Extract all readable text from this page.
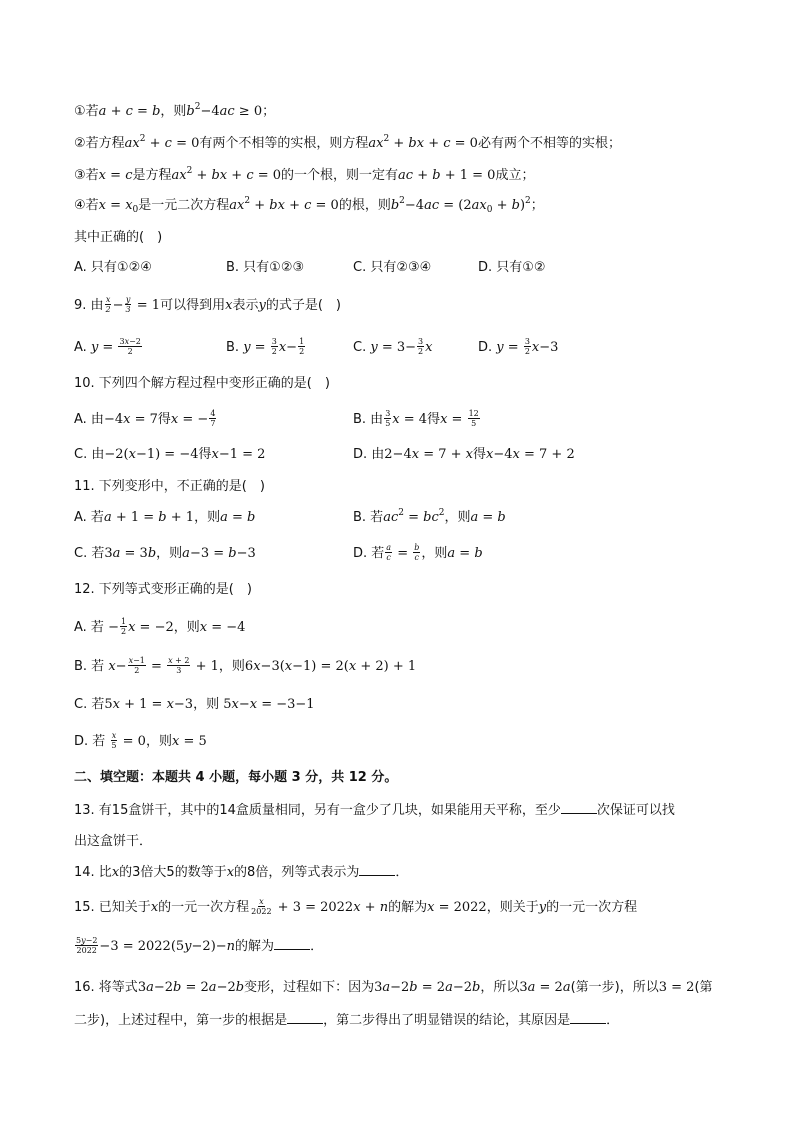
①若a + c = b，则$b^2-4ac \ge 0$；
②若方程$ax^2 + c = 0$有两个不相等的实根，则方程$ax^2$ + bx + c = 0必有两个不相等的实根；
③若x = c是方程$ax^2$ + bx + c = 0的一个根，则一定有ac + b + 1 = 0成立；
④若$x = x_0$是一元二次方程$ax^2$ + bx + c = 0的根，则$b^2-4ac = (2ax_0 + b)^2$；
其中正确的(　)
A. 只有①②④	B. 只有①②③	C. 只有②③④	D. 只有①②
9. 由 $\frac{x}{2} - \frac{y}{3} = 1$可以得到用x表示y的式子是(　)
A. $y = \frac{3x-2}{2}$	B. $y = \frac{3}{2} x- \frac{1}{2}$	C. $y = 3- \frac{3}{2}$ x	D. $y = \frac{3}{2} x-3$
10. 下列四个解方程过程中变形正确的是(　)
A. 由−4x = 7得x = − $\frac{4}{7}$	B. 由 $\frac{3}{5}$ x = 4得$x = \frac{12}{5}$
C. 由−2(x−1) = −4得x−1 = 2	D. 由2−4x = 7 + x得x−4x = 7 + 2
11. 下列变形中，不正确的是(　)
A. 若a + 1 = b + 1，则a = b	B. 若$ac^2 = bc^2$，则a = b
C. 若3a = 3b，则a−3 = b−3	D. 若 $\frac{a}{c} = \frac{b}{c}$ ，则a = b
12. 下列等式变形正确的是(　)
A. 若 − $\frac{1}{2}$ x = −2，则x = −4
B. 若 $x- \frac{x-1}{2} = \frac{x + 2}{3} + 1$，则6x−3(x−1) = 2(x + 2) + 1
C. 若5x + 1 = x−3，则 5x−x = −3−1
D. 若 $\frac{x}{5} = 0$，则x = 5
二、填空题：本题共 4 小题，每小题 3 分，共 12 分。
13. 有15盒饼干，其中的14盒质量相同，另有一盒少了几块，如果能用天平称，至少	次保证可以找
出这盒饼干．
14. 比x的3倍大5的数等于x的8倍，列等式表示为	．
15. 已知关于x的一元一次方程 $\frac{x}{2022} + 3 = 2022x + n$的解为x = 2022，则关于y的一元一次方程
$\frac{5y-2}{2022} -3 = 2022(5y-2)-n$的解为	．
16. 将等式3a−2b = 2a−2b变形，过程如下：因为3a−2b = 2a−2b，所以3a = 2a(第一步)，所以3 = 2(第
二步)，上述过程中，第一步的根据是	，第二步得出了明显错误的结论，其原因是	．
